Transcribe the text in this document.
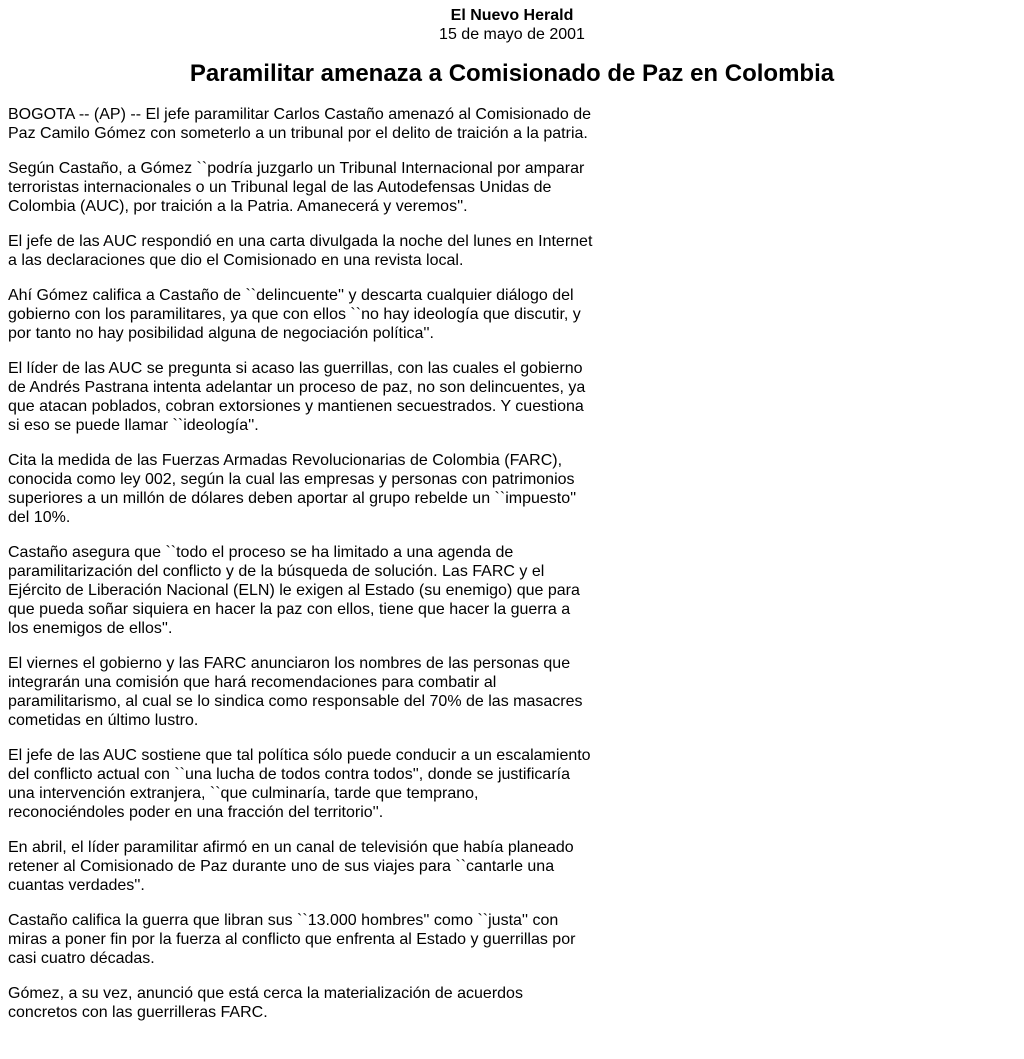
El Nuevo Herald
15 de mayo de 2001
Paramilitar amenaza a Comisionado de Paz en Colombia

BOGOTA -- (AP) -- El jefe paramilitar Carlos Castaño amenazó al Comisionado de Paz Camilo Gómez con someterlo a un tribunal por el delito de traición a la patria.

Según Castaño, a Gómez ``podría juzgarlo un Tribunal Internacional por amparar terroristas internacionales o un Tribunal legal de las Autodefensas Unidas de Colombia (AUC), por traición a la Patria. Amanecerá y veremos''.

El jefe de las AUC respondió en una carta divulgada la noche del lunes en Internet a las declaraciones que dio el Comisionado en una revista local.

Ahí Gómez califica a Castaño de ``delincuente'' y descarta cualquier diálogo del gobierno con los paramilitares, ya que con ellos ``no hay ideología que discutir, y por tanto no hay posibilidad alguna de negociación política''.

El líder de las AUC se pregunta si acaso las guerrillas, con las cuales el gobierno de Andrés Pastrana intenta adelantar un proceso de paz, no son delincuentes, ya que atacan poblados, cobran extorsiones y mantienen secuestrados. Y cuestiona si eso se puede llamar ``ideología''.

Cita la medida de las Fuerzas Armadas Revolucionarias de Colombia (FARC), conocida como ley 002, según la cual las empresas y personas con patrimonios superiores a un millón de dólares deben aportar al grupo rebelde un ``impuesto'' del 10%.

Castaño asegura que ``todo el proceso se ha limitado a una agenda de paramilitarización del conflicto y de la búsqueda de solución. Las FARC y el Ejército de Liberación Nacional (ELN) le exigen al Estado (su enemigo) que para que pueda soñar siquiera en hacer la paz con ellos, tiene que hacer la guerra a los enemigos de ellos''.

El viernes el gobierno y las FARC anunciaron los nombres de las personas que integrarán una comisión que hará recomendaciones para combatir al paramilitarismo, al cual se lo sindica como responsable del 70% de las masacres cometidas en último lustro.

El jefe de las AUC sostiene que tal política sólo puede conducir a un escalamiento del conflicto actual con ``una lucha de todos contra todos'', donde se justificaría una intervención extranjera, ``que culminaría, tarde que temprano, reconociéndoles poder en una fracción del territorio''.

En abril, el líder paramilitar afirmó en un canal de televisión que había planeado retener al Comisionado de Paz durante uno de sus viajes para ``cantarle una cuantas verdades''.

Castaño califica la guerra que libran sus ``13.000 hombres'' como ``justa'' con miras a poner fin por la fuerza al conflicto que enfrenta al Estado y guerrillas por casi cuatro décadas.

Gómez, a su vez, anunció que está cerca la materialización de acuerdos concretos con las guerrilleras FARC.
